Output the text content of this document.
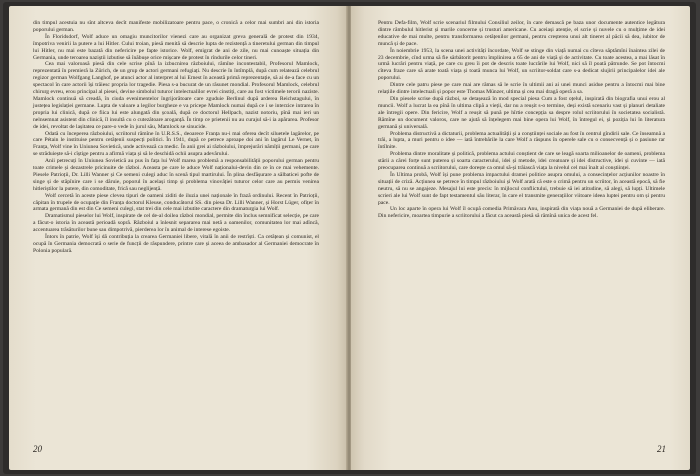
din timpul acestuia nu sînt altceva decît manifeste mobilizatoare pentru pace, o cronică a celor mai sumbri ani din istoria poporului german.

În Floridsdorf, Wolf aduce un omagiu muncitorilor vienezi care au organizat greva generală de protest din 1934, împotriva venirii la putere a lui Hitler. Cului troian, piesă menită să descrie lupta de rezistență a tineretului german din timpul lui Hitler, nu mai este bazată din nefericire pe fapte istorice. Wolf, emigrat de ani de zile, nu mai cunoaște situația din Germania, unde teroarea naziștii izbutise să înăbușe orice mișcare de protest în rîndurile celor tineri.

Cea mai valoroasă piesă din cele scrise pînă la izbucnirea războiului, rămîne incontestabil, Profesorul Mamlock, reprezentată în premieră la Zürich, de un grup de actori germani refugiați. Nu descrie în întîmplă, după cum relatează celebrul regizor german Wolfgang Langhof, pe atunci actor al interpret al lui Ernest în această primă reprezentație, să ai de-a face cu un spectacol în care actorii își trăiesc propria lor tragedie. Piesa s-a bucurat de un răsunet mondial. Profesorul Mamlock, celebrul chirurg evreu, erou principal al piesei, devine simbolul tuturor intelectualilor evrei cinstiți, care au fost victimele terorii naziste. Mamlock continuă să creadă, în ciuda evenimentelor îngrijorătoare care zguduie Berlinul după arderea Reichstagului, în justețea legislației germane. Lupta de valoare a legilor burgheze e va pricepe Mamlock numai după ce i se interzice intrarea în propria lui clinică, după ce fiica lui este alungată din școală, după ce doctorul Hellpach, nazist notoriu, pînă mai ieri un nelnsemnat asistent din clinică, îl insultă cu o cutezătoare aroganță. În timp ce prietenii nu au curajul să-i ia apărarea. Profesor de idei, revoltat de lașitatea ce pare-o vede în jurul său, Mamlock se sinucide.

Odată cu începerea războiului, scriitorul rămîne în U.R.S.S., deoarece Franța nu-i mai oferea decît siluetele lagărelor, pe care Pétain le instituise pentru cetățenii suspecți politici. În 1941, după ce petrece aproape doi ani în lagărul Le Vernet, în Franța, Wolf vine în Uniunea Sovietică, unde activează ca medic. În anii grei ai războiului, împrejurări nămîții germani, pe care se străduiește să-i cîștige pentru a afirmă viața și să le deschidă ochii asupra adevărului.

Anii petrecuți în Uniunea Sovietică au pus în fața lui Wolf marea problemă a responsabilității poporului german pentru toate crimele și dezastrele pricinuite de război. Aceasta pe care le aduce Wolf naționalui-devin din ce în ce mai vehemente. Piesele Patrioții, Dr. Lilli Wanner și Ce semeni culegi aduc în scenă tipul martirului. În plina desfășurare a sălbaticei pofte de singe și de stăpînire care i se dăruie, poporul în același timp și problema vinovăției tuturor celor care au permis venirea hitleriștilor la putere, din comoditate, frică sau neglijență.

Wolf cercetă în aceste piese clevea tipuri de oameni ziditi de iluzia unei naționale în frază ordinului. Recent în Patrioții, căpitan în trupele de ocupație din Franța doctorul Kleuse, conducătorul SS. din piesa Dr. Lilli Wanner, și Horst Lüger, ofițer în armata germană din est din Ce semeni culegi, stat trei din cele mai izbutite caractere din dramaturgia lui Wolf.

Dramatismul pieselor lui Wolf, inspirate de cel de-al doilea război mondial, permite din înclus semnificat selecție, pe care a făcut-o istoria în această perioadă sopră. Războiul a înlesnit separarea mai netă a oamenilor, comunitatea lor mai adîncă, accentuarea trăsăturilor bune sau dimpotrivă, pierderea lor în animal de interese egoiste.

Întors în patrie, Wolf își dă contribuția la crearea Germaniei libere, vitală în anii de restrîști. Ca cetățean și comunist, el ocupă în Germania democrată o serie de funcții de răspundere, printre care și aceea de ambasador al Germaniei democrate în Polonia populară.

20

Pentru Defa-film, Wolf scrie scenariul filmului Consiliul zeilor, în care demască pe baza unor documente autentice legătura dintre rămbulul hitlerist și marile concerne și trusturi americane. Cu aceiași atenție, el scrie și nuvele cu o mulțime de idei educative de mai multe, pentru transformarea cetățenilor germani, pentru creșterea unui alt tineret al păcii să dea, iubitor de muncă și de pace.

În noiembrie 1953, la scena unei activități încordate, Wolf se stinge din viață numai cu cîteva săptămîni înaintea zilei de 23 decembrie, cînd urma să fie sărbătorit pentru împlinirea a 65 de ani de viață și de activitate. Cu toate acestea, a mai lăsat în urmă lucrări pentru viață, pe care cu greu îi pot de descris toate lucrările lui Wolf, nici să îl poată pătrunde. Se pot întocmi cîteva fraze care să arate toată viața și toată munca lui Wolf, un scriitor-soldat care s-a dedicat slujirii principalelor idei ale poporului.

Dintre cele patru piese pe care mai are rămas să le scrie în ultimii ani ai unei munci asidue pentru a întocmi mai bine relațiile dintre intelectuali și popor este Thomas Münzer, ultima și cea mai dragă operă a sa.

Din piesele scrise după război, se detașează în mod special piesa Cum a fost oțelul, inspirată din biografia unui erou al muncii. Wolf a lucrat la ea pînă în ultima clipă a vieții, dar nu a reușit s-o termine, deși există scenariu vast și planuri detaliate ale întregii opere. Din fericire, Wolf a reușit să pună pe hîrtie concepția sa despre rolul scriitorului în societatea socialistă. Rămîne un document valoros, care ne ajută să înțelegem mai bine opera lui Wolf, în întregul ei, și poziția lui în literatura germană și universală.

Problema distructivă a dictaturii, problema actualității și a conștiinței sociale au fost în centrul gîndirii sale. Ce înseamnă a trăi, a lupta, a muri pentru o idee — iată întrebările la care Wolf a răspuns în operele sale cu o consecvență și o pasiune rar întîlnite.

Problema dintre moralitate și politică, problema actului conștient de care se leagă soarta milioanelor de oameni, problema stării a cărei forțe sunt puterea și soarta caracterului, idei și metode, idei creatoare și idei distructive, idei și cuvinte — iată preocuparea continuă a scriitorului, care dorește ca omul să-și trăiască viața la nivelul cel mai înalt al conștiinței.

În Ultima probă, Wolf își pune problema impactului dramei politice asupra omului, a consecințelor acțiunilor noastre în situații de criză. Acțiunea se petrece în timpul războiului și Wolf arată că este o crimă pentru un scriitor, în această epocă, să fie neutru, să nu se angajeze. Mesajul lui este precis: în mijlocul conflictului, trebuie să iei atitudine, să alegi, să lupți. Ultimele scrieri ale lui Wolf sunt de fapt testamentul său literar, în care el transmite generațiilor viitoare ideea luptei pentru om și pentru pace.

Un loc aparte în opera lui Wolf îl ocupă comedia Primăvara Anu, inspirată din viața nouă a Germaniei de după eliberare. Din nefericire, moartea timpurie a scriitorului a făcut ca această piesă să rămînă unica de acest fel.

21
